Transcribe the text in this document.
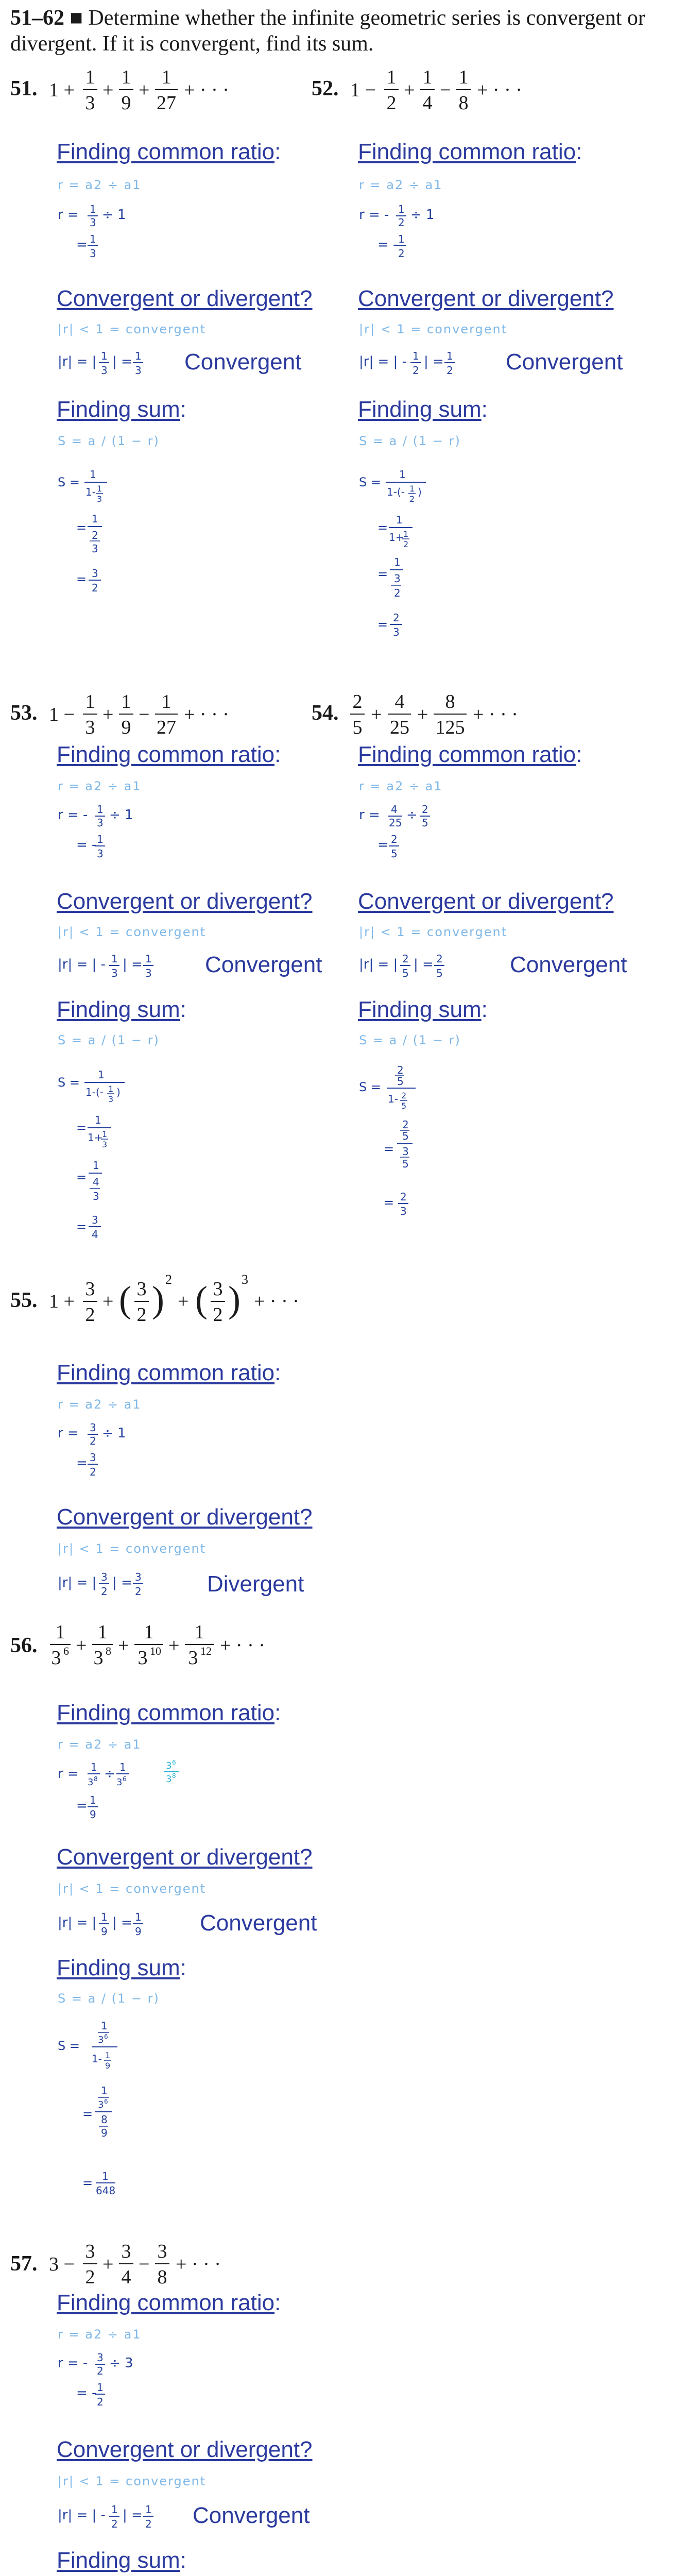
51–62 ■ Determine whether the infinite geometric series is convergent or divergent. If it is convergent, find its sum.
51. 1 +
1
3
+
1
9
+
1
27
+ · · ·	52. 1 −
1
2
+
1
4
−
1
8
+ · · ·
Finding common ratio:
r = a2 ÷ a1
r = 1
3 ÷ 1
= 1
3
Convergent or divergent?
|r| < 1 = convergent
|r| = | 1
3
| = 1
3 Convergent
Finding sum:
S = a / (1 − r)
S =
1
1- 1
3
=
1
2
3
= 3
2
Finding common ratio:
r = a2 ÷ a1
r = - 1
2 ÷ 1
= - 1
2
Convergent or divergent?
|r| < 1 = convergent
|r| = | - 1
2
| = 1
2 Convergent
Finding sum:
S = a / (1 − r)
S =
1
1-(- 1
2
)
=
1
1+
1
2
=
1
3
2
= 2
3
53. 1 −
1
3
+
1
9
−
1
27
+ · · ·	54. 2
5
+
4
25
+
8
125
+ · · ·
Finding common ratio:
r = a2 ÷ a1
r = - 1
3 ÷ 1
= - 1
3
Convergent or divergent?
|r| < 1 = convergent
|r| = | - 1
3
| = 1
3 Convergent
Finding sum:
S = a / (1 − r)
S =
1
1-(- 1
3
)
=
1
1+
1
3
=
1
4
3
= 3
4
Finding common ratio:
r = a2 ÷ a1
r = 4
25 ÷ 2
5
= 2
5
Convergent or divergent?
|r| < 1 = convergent
|r| = | 2
5
| = 2
5	Convergent
Finding sum:
S = a / (1 − r)
S =
2
5
1- 2
5
=
2
5
3
5
= 2
3
55. 1 +
3
2
+ ( 3
2 ) 2
+ ( 3
2 ) 3
+ · · ·
Finding common ratio:
r = a2 ÷ a1
r = 3
2 ÷ 1
= 3
2
Convergent or divergent?
|r| < 1 = convergent
|r| = | 3
2
| = 3
2	Divergent
56.
1
3 6 +
1
3 8 +
1
3 10 +
1
3 12 + · · ·
Finding common ratio:
r = a2 ÷ a1
r = 1
3 8 ÷ 1
3 6
3 6
3 8
= 1
9
Convergent or divergent?
|r| < 1 = convergent
|r| = | 1
9
| = 1
9	Convergent
Finding sum:
S = a / (1 − r)
S =
1
3 6
1- 1
9
=
1
3 6
8
9
= 1
648
57. 3 −
3
2
+
3
4
−
3
8
+ · · ·
Finding common ratio:
r = a2 ÷ a1
r = - 3
2 ÷ 3
= - 1
2
Convergent or divergent?
|r| < 1 = convergent
|r| = | - 1
2
| = 1
2 Convergent
Finding sum:
